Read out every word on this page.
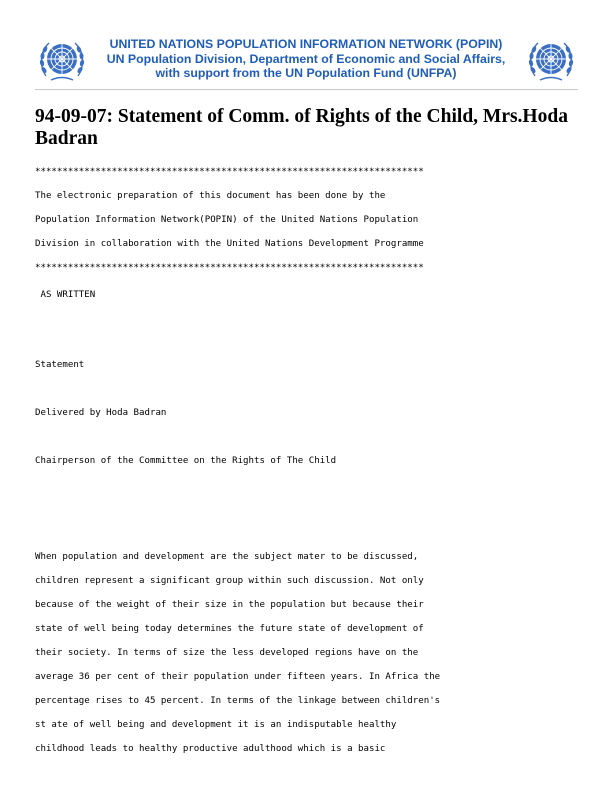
UNITED NATIONS POPULATION INFORMATION NETWORK (POPIN)
UN Population Division, Department of Economic and Social Affairs,
with support from the UN Population Fund (UNFPA)
94-09-07: Statement of Comm. of Rights of the Child, Mrs.Hoda Badran
***********************************************************************
The electronic preparation of this document has been done by the
Population Information Network(POPIN) of the United Nations Population
Division in collaboration with the United Nations Development Programme
***********************************************************************
AS WRITTEN
Statement
Delivered by Hoda Badran
Chairperson of the Committee on the Rights of The Child
When population and development are the subject mater to be discussed,
children represent a significant group within such discussion. Not only
because of the weight of their size in the population but because their
state of well being today determines the future state of development of
their society. In terms of size the less developed regions have on the
average 36 per cent of their population under fifteen years. In Africa the
percentage rises to 45 percent. In terms of the linkage between children's
st ate of well being and development it is an indisputable healthy
childhood leads to healthy productive adulthood which is a basic
